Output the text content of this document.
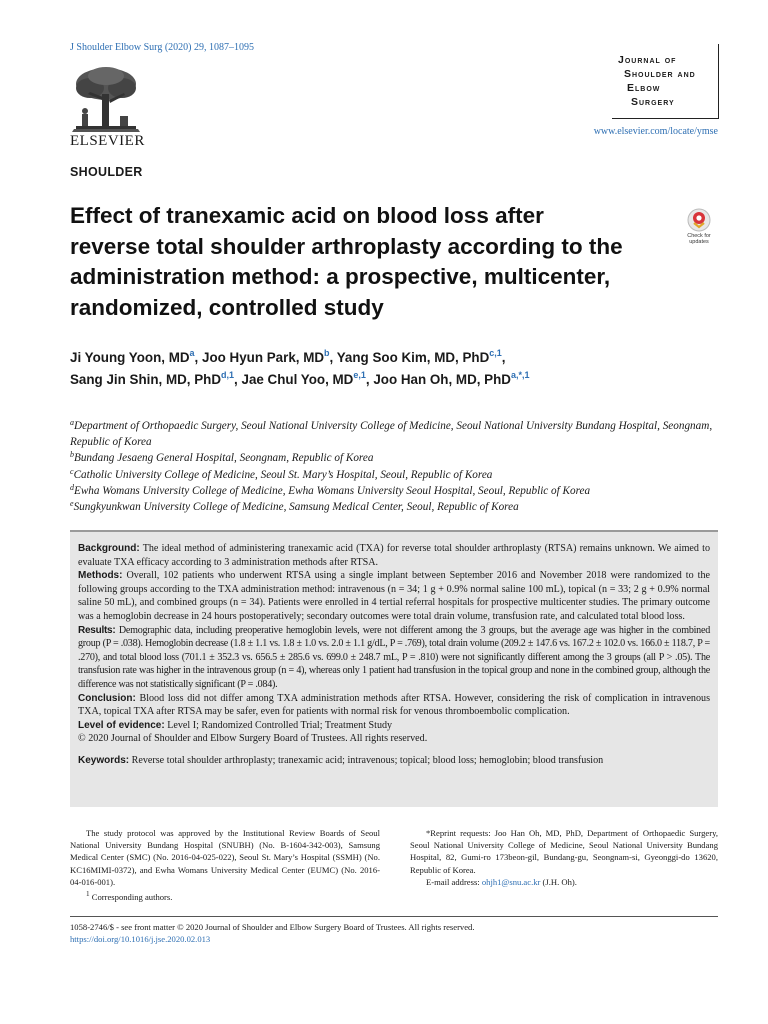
J Shoulder Elbow Surg (2020) 29, 1087–1095
ELSEVIER
Journal of
Shoulder and
Elbow
Surgery
www.elsevier.com/locate/ymse
SHOULDER
Effect of tranexamic acid on blood loss after reverse total shoulder arthroplasty according to the administration method: a prospective, multicenter, randomized, controlled study
Check for updates
Ji Young Yoon, $MD^a$, Joo Hyun Park, $MD^b$, Yang Soo Kim, MD, PhD$^{c,1}$,
Sang Jin Shin, MD, PhD$^{d,1}$, Jae Chul Yoo, MD$^{e,1}$, Joo Han Oh, MD, PhD$^{a,*,1}$
$^a$Department of Orthopaedic Surgery, Seoul National University College of Medicine, Seoul National University Bundang Hospital, Seongnam, Republic of Korea
$^b$Bundang Jesaeng General Hospital, Seongnam, Republic of Korea
$^c$Catholic University College of Medicine, Seoul St. Mary’s Hospital, Seoul, Republic of Korea
$^d$Ewha Womans University College of Medicine, Ewha Womans University Seoul Hospital, Seoul, Republic of Korea
$^e$Sungkyunkwan University College of Medicine, Samsung Medical Center, Seoul, Republic of Korea

Background: The ideal method of administering tranexamic acid (TXA) for reverse total shoulder arthroplasty (RTSA) remains unknown. We aimed to evaluate TXA efficacy according to 3 administration methods after RTSA.

Methods: Overall, 102 patients who underwent RTSA using a single implant between September 2016 and November 2018 were randomized to the following groups according to the TXA administration method: intravenous (n = 34; 1 g + 0.9% normal saline 100 mL), topical (n = 33; 2 g + 0.9% normal saline 50 mL), and combined groups (n = 34). Patients were enrolled in 4 tertial referral hospitals for prospective multicenter studies. The primary outcome was a hemoglobin decrease in 24 hours postoperatively; secondary outcomes were total drain volume, transfusion rate, and calculated total blood loss.

Results: Demographic data, including preoperative hemoglobin levels, were not different among the 3 groups, but the average age was higher in the combined group (P = .038). Hemoglobin decrease (1.8 ± 1.1 vs. 1.8 ± 1.0 vs. 2.0 ± 1.1 g/dL, P = .769), total drain volume (209.2 ± 147.6 vs. 167.2 ± 102.0 vs. 166.0 ± 118.7, P = .270), and total blood loss (701.1 ± 352.3 vs. 656.5 ± 285.6 vs. 699.0 ± 248.7 mL, P = .810) were not significantly different among the 3 groups (all P > .05). The transfusion rate was higher in the intravenous group (n = 4), whereas only 1 patient had transfusion in the topical group and none in the combined group, although the difference was not statistically significant (P = .084).

Conclusion: Blood loss did not differ among TXA administration methods after RTSA. However, considering the risk of complication in intravenous TXA, topical TXA after RTSA may be safer, even for patients with normal risk for venous thromboembolic complication.

Level of evidence: Level I; Randomized Controlled Trial; Treatment Study

© 2020 Journal of Shoulder and Elbow Surgery Board of Trustees. All rights reserved.

Keywords: Reverse total shoulder arthroplasty; tranexamic acid; intravenous; topical; blood loss; hemoglobin; blood transfusion

The study protocol was approved by the Institutional Review Boards of Seoul National University Bundang Hospital (SNUBH) (No. B-1604-342-003), Samsung Medical Center (SMC) (No. 2016-04-025-022), Seoul St. Mary’s Hospital (SSMH) (No. KC16MIMI-0372), and Ewha Womans University Medical Center (EUMC) (No. 2016-04-016-001).

$^1$ Corresponding authors.

*Reprint requests: Joo Han Oh, MD, PhD, Department of Orthopaedic Surgery, Seoul National University College of Medicine, Seoul National University Bundang Hospital, 82, Gumi-ro 173beon-gil, Bundang-gu, Seongnam-si, Gyeonggi-do 13620, Republic of Korea.

E-mail address: ohjh1@snu.ac.kr (J.H. Oh).

1058-2746/$ - see front matter © 2020 Journal of Shoulder and Elbow Surgery Board of Trustees. All rights reserved.
https://doi.org/10.1016/j.jse.2020.02.013
